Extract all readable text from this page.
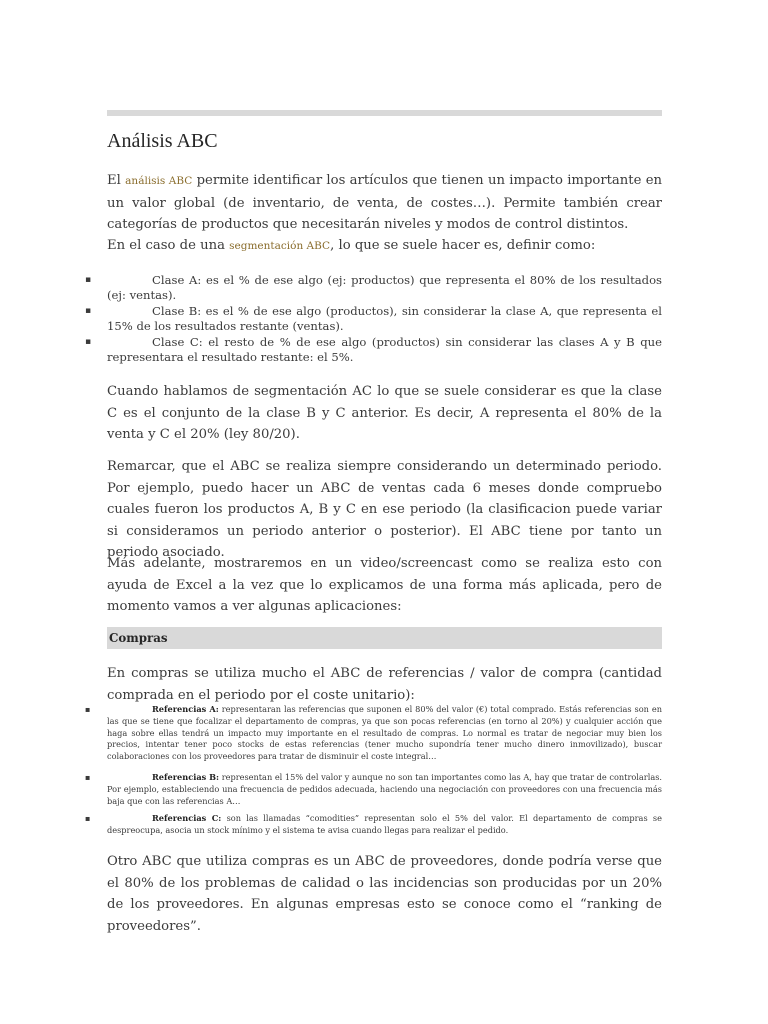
Análisis ABC

El análisis ABC permite identificar los artículos que tienen un impacto importante en un valor global (de inventario, de venta, de costes…). Permite también crear categorías de productos que necesitarán niveles y modos de control distintos.

En el caso de una segmentación ABC, lo que se suele hacer es, definir como:

▪	Clase A: es el % de ese algo (ej: productos) que representa el 80% de los resultados (ej: ventas).
▪	Clase B: es el % de ese algo (productos), sin considerar la clase A, que representa el 15% de los resultados restante (ventas).
▪	Clase C: el resto de % de ese algo (productos) sin considerar las clases A y B que representara el resultado restante: el 5%.

Cuando hablamos de segmentación AC lo que se suele considerar es que la clase C es el conjunto de la clase B y C anterior. Es decir, A representa el 80% de la venta y C el 20% (ley 80/20).

Remarcar, que el ABC se realiza siempre considerando un determinado periodo. Por ejemplo, puedo hacer un ABC de ventas cada 6 meses donde compruebo cuales fueron los productos A, B y C en ese periodo (la clasificacion puede variar si consideramos un periodo anterior o posterior). El ABC tiene por tanto un periodo asociado.

Más adelante, mostraremos en un video/screencast como se realiza esto con ayuda de Excel a la vez que lo explicamos de una forma más aplicada, pero de momento vamos a ver algunas aplicaciones:

Compras

En compras se utiliza mucho el ABC de referencias / valor de compra (cantidad comprada en el periodo por el coste unitario):

▪	Referencias A: representaran las referencias que suponen el 80% del valor (€) total comprado. Estás referencias son en las que se tiene que focalizar el departamento de compras, ya que son pocas referencias (en torno al 20%) y cualquier acción que haga sobre ellas tendrá un impacto muy importante en el resultado de compras. Lo normal es tratar de negociar muy bien los precios, intentar tener poco stocks de estas referencias (tener mucho supondría tener mucho dinero inmovilizado), buscar colaboraciones con los proveedores para tratar de disminuir el coste integral…
▪	Referencias B: representan el 15% del valor y aunque no son tan importantes como las A, hay que tratar de controlarlas. Por ejemplo, estableciendo una frecuencia de pedidos adecuada, haciendo una negociación con proveedores con una frecuencia más baja que con las referencias A…
▪	Referencias C: son las llamadas “comodities” representan solo el 5% del valor. El departamento de compras se despreocupa, asocia un stock mínimo y el sistema te avisa cuando llegas para realizar el pedido.

Otro ABC que utiliza compras es un ABC de proveedores, donde podría verse que el 80% de los problemas de calidad o las incidencias son producidas por un 20% de los proveedores. En algunas empresas esto se conoce como el “ranking de proveedores”.
